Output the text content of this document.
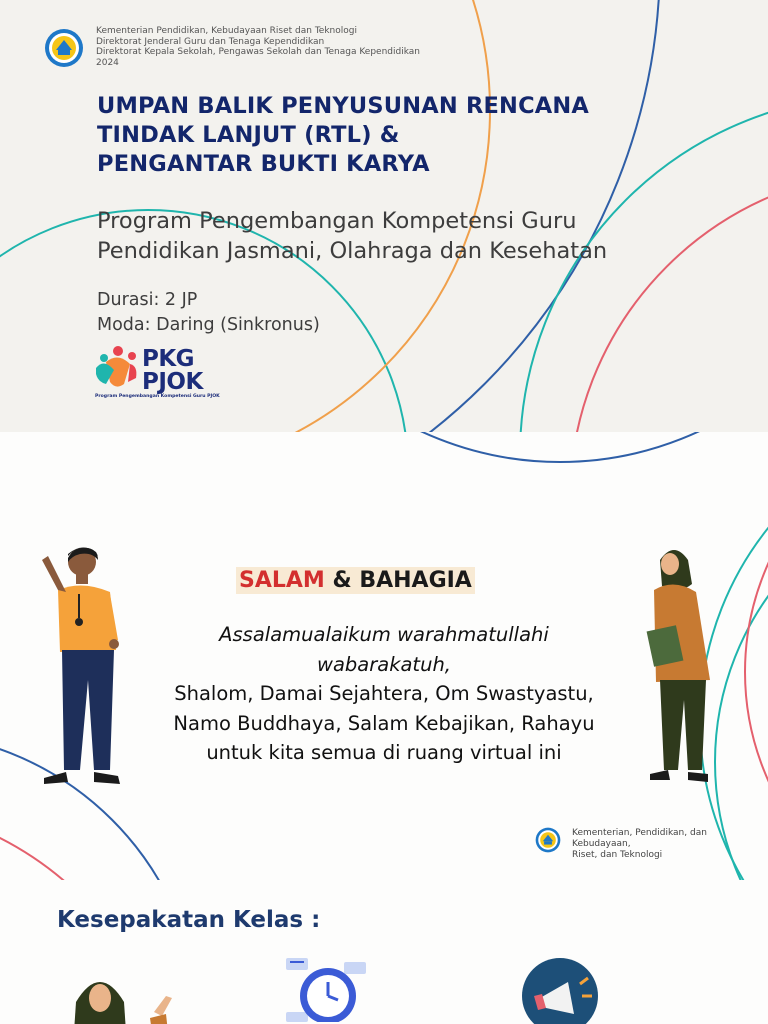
Kementerian Pendidikan, Kebudayaan Riset dan Teknologi
Direktorat Jenderal Guru dan Tenaga Kependidikan
Direktorat Kepala Sekolah, Pengawas Sekolah dan Tenaga Kependidikan
2024
UMPAN BALIK PENYUSUNAN RENCANA
TINDAK LANJUT (RTL) &
PENGANTAR BUKTI KARYA
Program Pengembangan Kompetensi Guru
Pendidikan Jasmani, Olahraga dan Kesehatan
Durasi: 2 JP
Moda: Daring (Sinkronus)
PKG
PJOK
Program Pengembangan Kompetensi Guru PJOK
SALAM & BAHAGIA
Assalamualaikum warahmatullahi
wabarakatuh,
Shalom, Damai Sejahtera, Om Swastyastu,
Namo Buddhaya, Salam Kebajikan, Rahayu
untuk kita semua di ruang virtual ini
Kementerian, Pendidikan, dan
Kebudayaan,
Riset, dan Teknologi
Kesepakatan Kelas :
